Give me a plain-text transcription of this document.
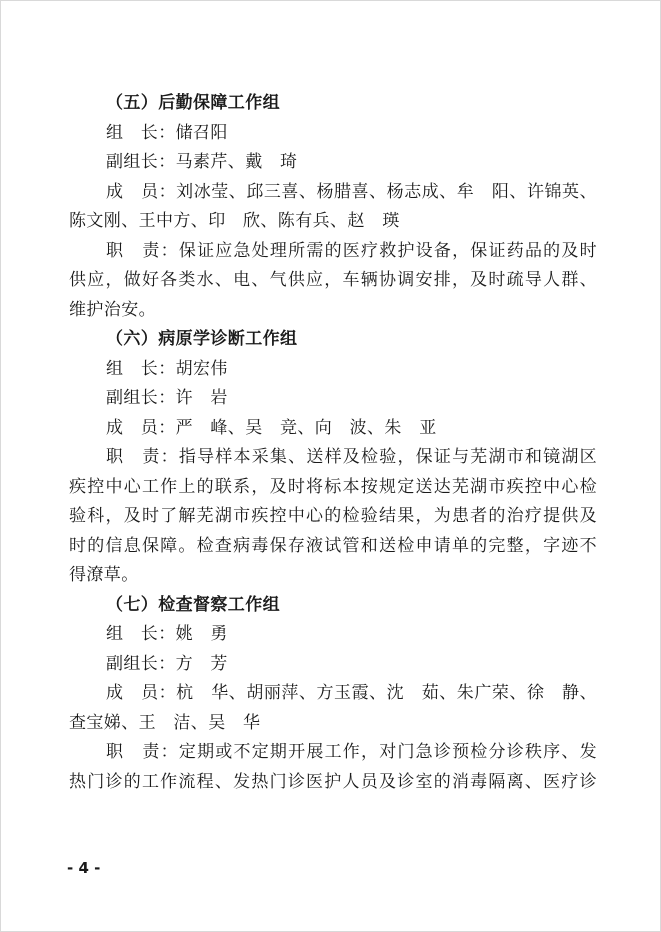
（五）后勤保障工作组
组　长：储召阳
副组长：马素芹、戴　琦
成　员：刘冰莹、邱三喜、杨腊喜、杨志成、牟　阳、许锦英、
陈文刚、王中方、印　欣、陈有兵、赵　瑛
职　责：保证应急处理所需的医疗救护设备，保证药品的及时
供应，做好各类水、电、气供应，车辆协调安排，及时疏导人群、
维护治安。
（六）病原学诊断工作组
组　长：胡宏伟
副组长：许　岩
成　员：严　峰、吴　竞、向　波、朱　亚
职　责：指导样本采集、送样及检验，保证与芜湖市和镜湖区
疾控中心工作上的联系，及时将标本按规定送达芜湖市疾控中心检
验科，及时了解芜湖市疾控中心的检验结果，为患者的治疗提供及
时的信息保障。检查病毒保存液试管和送检申请单的完整，字迹不
得潦草。
（七）检查督察工作组
组　长：姚　勇
副组长：方　芳
成　员：杭　华、胡丽萍、方玉霞、沈　茹、朱广荣、徐　静、
查宝娣、王　洁、吴　华
职　责：定期或不定期开展工作，对门急诊预检分诊秩序、发
热门诊的工作流程、发热门诊医护人员及诊室的消毒隔离、医疗诊
- 4 -
